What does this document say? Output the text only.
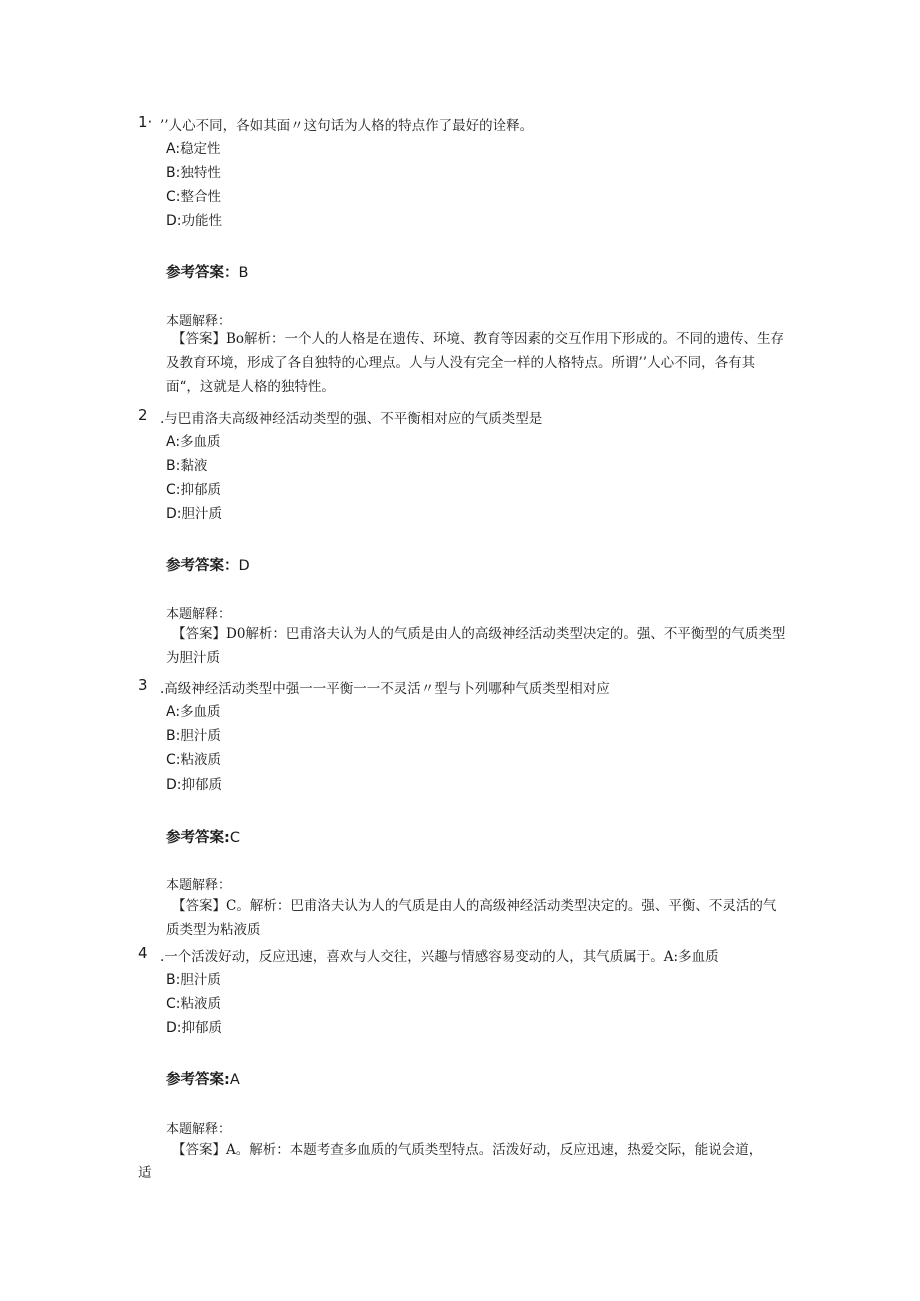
1· ’’人心不同，各如其面〃这句话为人格的特点作了最好的诠释。
A:稳定性
B:独特性
C:整合性
D:功能性
参考答案：B
本题解释：
【答案】Bo解析：一个人的人格是在遗传、环境、教育等因素的交互作用下形成的。不同的遗传、生存及教育环境，形成了各自独特的心理点。人与人没有完全一样的人格特点。所谓’’人心不同，各有其面“，这就是人格的独特性。
2 .与巴甫洛夫高级神经活动类型的强、不平衡相对应的气质类型是
A:多血质
B:黏液
C:抑郁质
D:胆汁质
参考答案：D
本题解释：
【答案】D0解析：巴甫洛夫认为人的气质是由人的高级神经活动类型决定的。强、不平衡型的气质类型为胆汁质
3 .高级神经活动类型中强一一平衡一一不灵活〃型与卜列哪种气质类型相对应
A:多血质
B:胆汁质
C:粘液质
D:抑郁质
参考答案:C
本题解释：
【答案】C。解析：巴甫洛夫认为人的气质是由人的高级神经活动类型决定的。强、平衡、不灵活的气质类型为粘液质
4 .一个活泼好动，反应迅速，喜欢与人交往，兴趣与情感容易变动的人，其气质属于。A:多血质
B:胆汁质
C:粘液质
D:抑郁质
参考答案:A
本题解释：
【答案】A。解析：本题考查多血质的气质类型特点。活泼好动，反应迅速，热爱交际，能说会道，
适
